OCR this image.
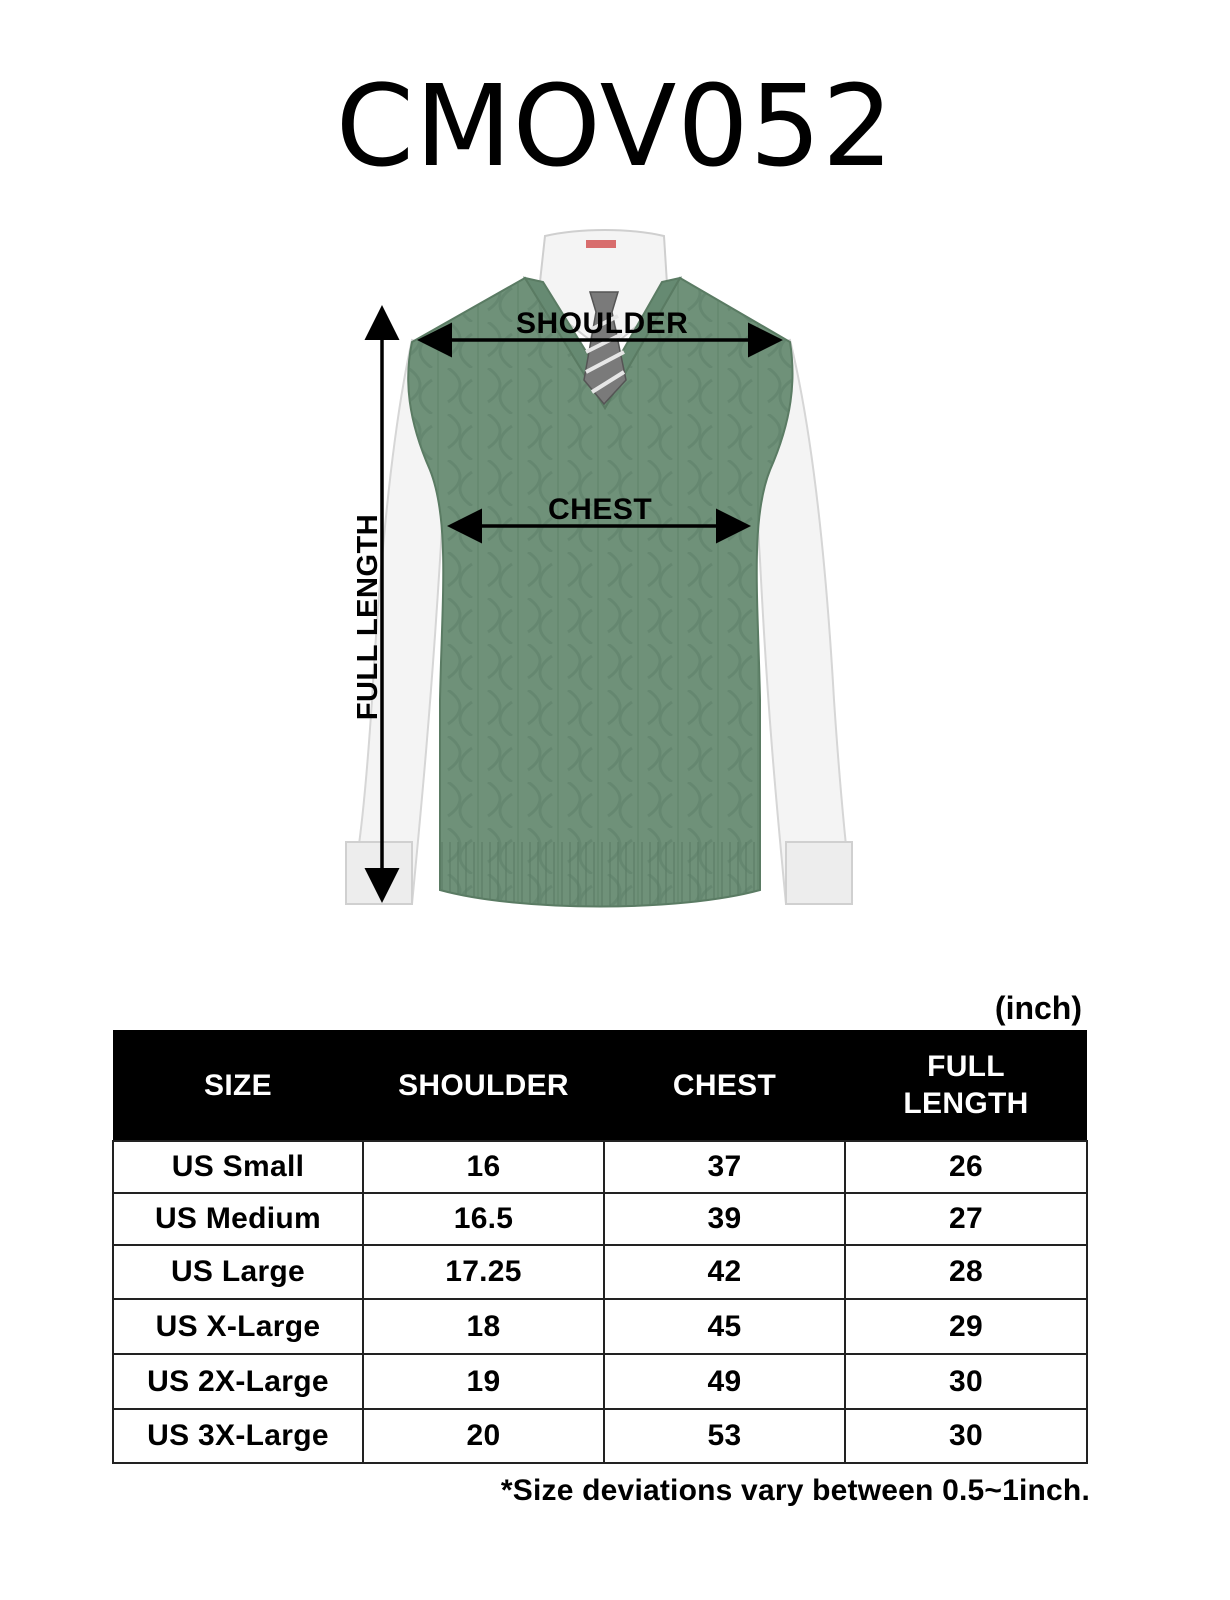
CMOV052
SHOULDER
CHEST
FULL LENGTH
(inch)
SIZE	SHOULDER	CHEST	FULL
LENGTH
US Small	16	37	26
US Medium	16.5	39	27
US Large	17.25	42	28
US X-Large	18	45	29
US 2X-Large	19	49	30
US 3X-Large	20	53	30
*Size deviations vary between 0.5~1inch.
